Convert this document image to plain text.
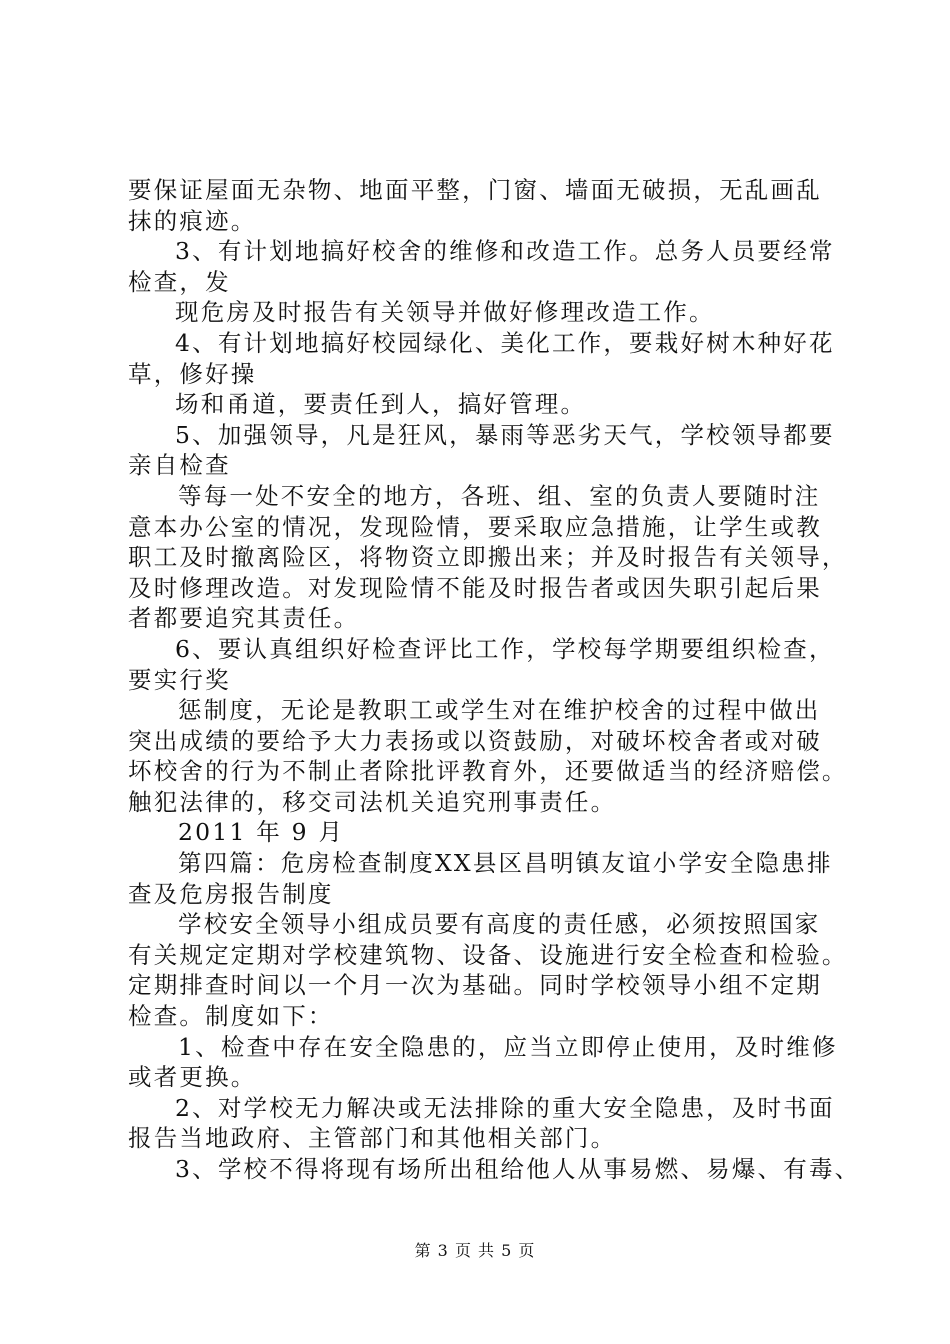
要保证屋面无杂物、地面平整，门窗、墙面无破损，无乱画乱
抹的痕迹。
3、有计划地搞好校舍的维修和改造工作。总务人员要经常
检查，发
现危房及时报告有关领导并做好修理改造工作。
4、有计划地搞好校园绿化、美化工作，要栽好树木种好花
草，修好操
场和甬道，要责任到人，搞好管理。
5、加强领导，凡是狂风，暴雨等恶劣天气，学校领导都要
亲自检查
等每一处不安全的地方，各班、组、室的负责人要随时注
意本办公室的情况，发现险情，要采取应急措施，让学生或教
职工及时撤离险区，将物资立即搬出来；并及时报告有关领导，
及时修理改造。对发现险情不能及时报告者或因失职引起后果
者都要追究其责任。
6、要认真组织好检查评比工作，学校每学期要组织检查，
要实行奖
惩制度，无论是教职工或学生对在维护校舍的过程中做出
突出成绩的要给予大力表扬或以资鼓励，对破坏校舍者或对破
坏校舍的行为不制止者除批评教育外，还要做适当的经济赔偿。
触犯法律的，移交司法机关追究刑事责任。
2011 年 9 月
第四篇：危房检查制度XX县区昌明镇友谊小学安全隐患排
查及危房报告制度
学校安全领导小组成员要有高度的责任感，必须按照国家
有关规定定期对学校建筑物、设备、设施进行安全检查和检验。
定期排查时间以一个月一次为基础。同时学校领导小组不定期
检查。制度如下：
1、检查中存在安全隐患的，应当立即停止使用，及时维修
或者更换。
2、对学校无力解决或无法排除的重大安全隐患，及时书面
报告当地政府、主管部门和其他相关部门。
3、学校不得将现有场所出租给他人从事易燃、易爆、有毒、
第 3 页 共 5 页
